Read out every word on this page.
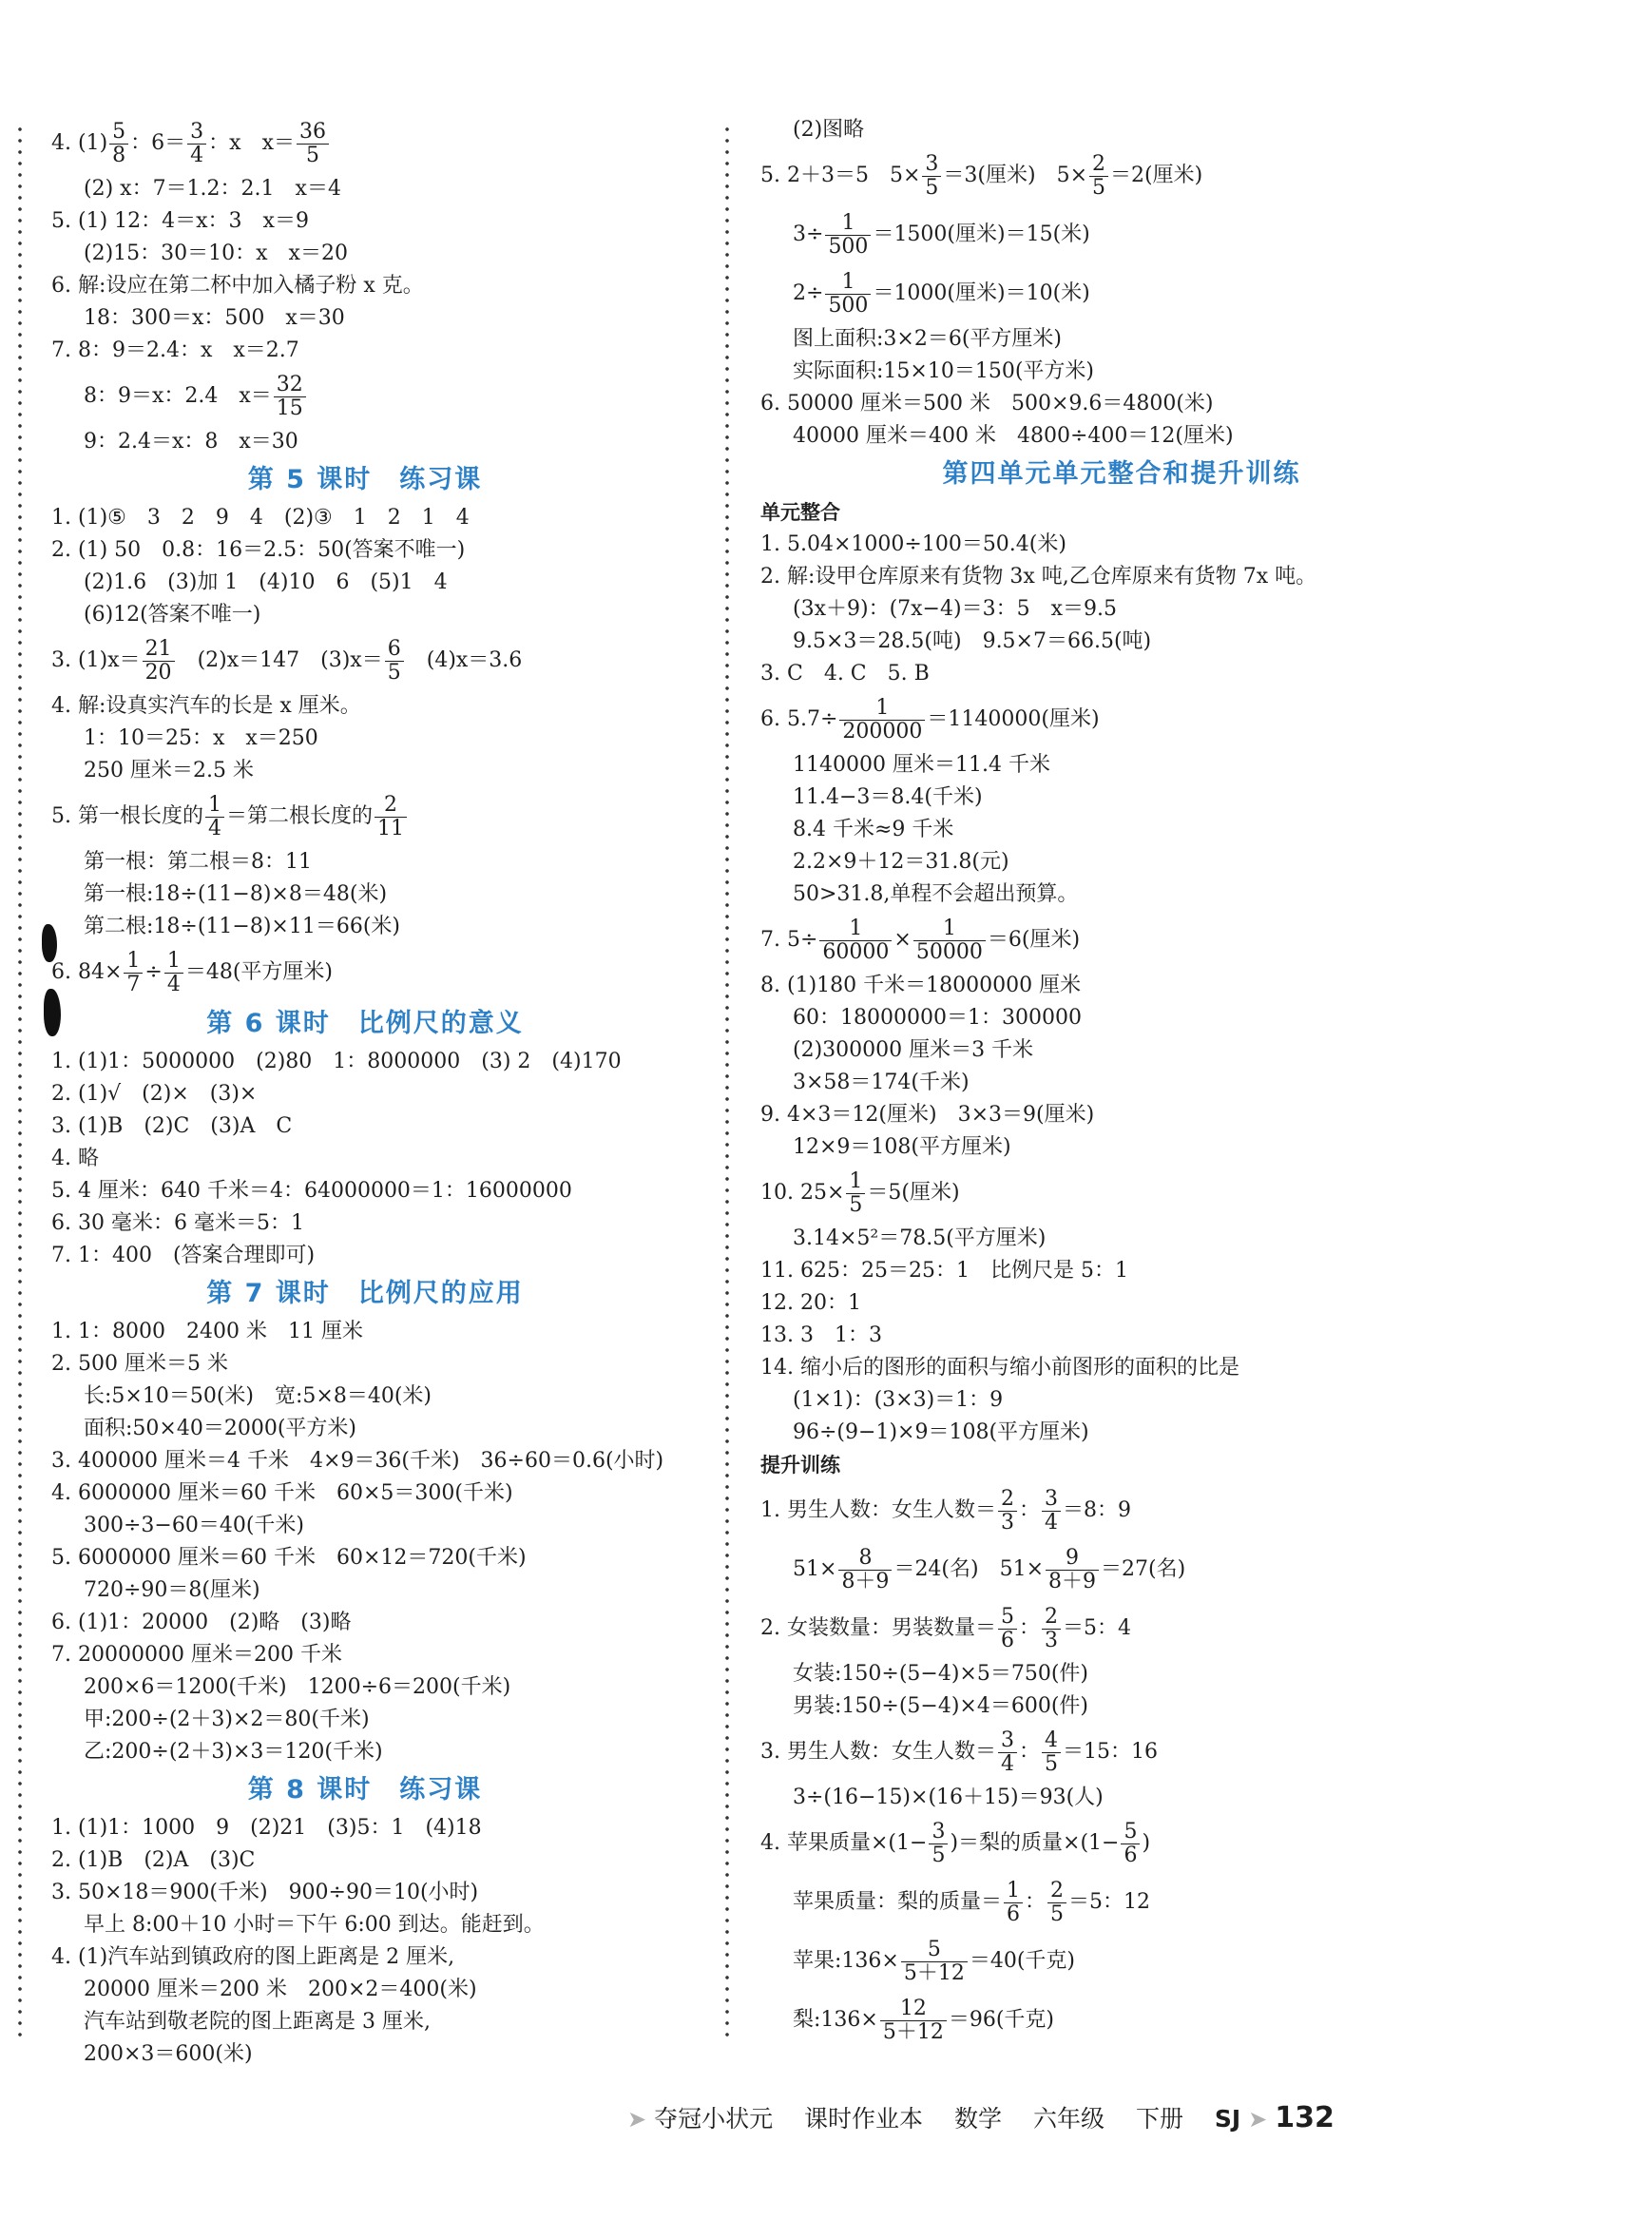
4. $(1) \frac{5}{8}$ ：$6= \frac{3}{4}$ ：x　$x= \frac{36}{5}$
(2) x：7＝1.2：2.1　x＝4
5. (1) 12：4＝x：3　x＝9
(2)15：30＝10：x　x＝20
6. 解:设应在第二杯中加入橘子粉 x 克。
18：300＝x：500　x＝30
7. 8：9＝2.4：x　x＝2.7
8：9＝x：2.4　$x= \frac{32}{15}$
9：2.4＝x：8　x＝30
第 5 课时　练习课
1. (1)⑤　3　2　9　4　(2)③　1　2　1　4
2. (1) 50　0.8：16＝2.5：50(答案不唯一)
(2)1.6　(3)加 1　(4)10　6　(5)1　4
(6)12(答案不唯一)
3. $(1)x= \frac{21}{20}$
　 (2)x＝147　$(3)x= \frac{6}{5}$
　 (4)x＝3.6
4. 解:设真实汽车的长是 x 厘米。
1：10＝25：x　x＝250
250 厘米＝2.5 米
5. 第一根长度的 $\frac{1}{4}$ ＝第二根长度的 $\frac{2}{11}$
第一根：第二根＝8：11
第一根:18÷(11−8)×8＝48(米)
第二根:18÷(11−8)×11＝66(米)
6. $84\times \frac{1}{7} \div \frac{1}{4} =48$(平方厘米)
第 6 课时　比例尺的意义
1. (1)1：5000000　(2)80　1：8000000　(3) 2　(4)170
2. (1)√　(2)×　(3)×
3. (1)B　(2)C　(3)A　C
4. 略
5. 4 厘米：640 千米＝4：64000000＝1：16000000
6. 30 毫米：6 毫米＝5：1
7. 1：400　(答案合理即可)
第 7 课时　比例尺的应用
1. 1：8000　2400 米　11 厘米
2. 500 厘米＝5 米
长:5×10＝50(米)　宽:5×8＝40(米)
面积:50×40＝2000(平方米)
3. 400000 厘米＝4 千米　4×9＝36(千米)　36÷60＝0.6(小时)
4. 6000000 厘米＝60 千米　60×5＝300(千米)
300÷3−60＝40(千米)
5. 6000000 厘米＝60 千米　60×12＝720(千米)
720÷90＝8(厘米)
6. (1)1：20000　(2)略　(3)略
7. 20000000 厘米＝200 千米
200×6＝1200(千米)　1200÷6＝200(千米)
甲:200÷(2＋3)×2＝80(千米)
乙:200÷(2＋3)×3＝120(千米)
第 8 课时　练习课
1. (1)1：1000　9　(2)21　(3)5：1　(4)18
2. (1)B　(2)A　(3)C
3. 50×18＝900(千米)　900÷90＝10(小时)
早上 8:00＋10 小时＝下午 6:00 到达。能赶到。
4. (1)汽车站到镇政府的图上距离是 2 厘米,
20000 厘米＝200 米　200×2＝400(米)
汽车站到敬老院的图上距离是 3 厘米,
200×3＝600(米)
(2)图略
5. 2＋3＝5　$5\times \frac{3}{5} =3$(厘米)　$5\times \frac{2}{5} =2$(厘米)
$3\div \frac{1}{500} =1500$(厘米)＝15(米)
$2\div \frac{1}{500} =1000$(厘米)＝10(米)
图上面积:3×2＝6(平方厘米)
实际面积:15×10＝150(平方米)
6. 50000 厘米＝500 米　500×9.6＝4800(米)
40000 厘米＝400 米　4800÷400＝12(厘米)
第四单元单元整合和提升训练
单元整合
1. 5.04×1000÷100＝50.4(米)
2. 解:设甲仓库原来有货物 3x 吨,乙仓库原来有货物 7x 吨。
(3x＋9)：(7x−4)＝3：5　x＝9.5
9.5×3＝28.5(吨)　9.5×7＝66.5(吨)
3. C　4. C　5. B
6. $5.7\div \frac{1}{200000} =1140000$(厘米)
1140000 厘米＝11.4 千米
11.4−3＝8.4(千米)
8.4 千米≈9 千米
2.2×9＋12＝31.8(元)
50>31.8,单程不会超出预算。
7. $5\div \frac{1}{60000} \times \frac{1}{50000} =6$(厘米)
8. (1)180 千米＝18000000 厘米
60：18000000＝1：300000
(2)300000 厘米＝3 千米
3×58＝174(千米)
9. 4×3＝12(厘米)　3×3＝9(厘米)
12×9＝108(平方厘米)
10. $25\times \frac{1}{5} =5$(厘米)
3.14×5²＝78.5(平方厘米)
11. 625：25＝25：1　比例尺是 5：1
12. 20：1
13. 3　1：3
14. 缩小后的图形的面积与缩小前图形的面积的比是
(1×1)：(3×3)＝1：9
96÷(9−1)×9＝108(平方厘米)
提升训练
1. 男生人数：女生人数＝ $\frac{2}{3}$ ： $\frac{3}{4} =8$：9
$51\times \frac{8}{8+9} =24$(名)　$51\times \frac{9}{8+9} =27$(名)
2. 女装数量：男装数量＝ $\frac{5}{6}$ ： $\frac{2}{3} =5$：4
女装:150÷(5−4)×5＝750(件)
男装:150÷(5−4)×4＝600(件)
3. 男生人数：女生人数＝ $\frac{3}{4}$ ： $\frac{4}{5} =15$：16
3÷(16−15)×(16＋15)＝93(人)
4. 苹果质量$\times(1- \frac{3}{5}$ )＝梨的质量$\times(1- \frac{5}{6}$ )
苹果质量：梨的质量＝ $\frac{1}{6}$ ： $\frac{2}{5} =5$：12
苹果:136× $\frac{5}{5+12} =40$(千克)
梨:136× $\frac{12}{5+12} =96$(千克)
➤ 夺冠小状元　 课时作业本　 数学　 六年级　 下册　 SJ ➤ 132
